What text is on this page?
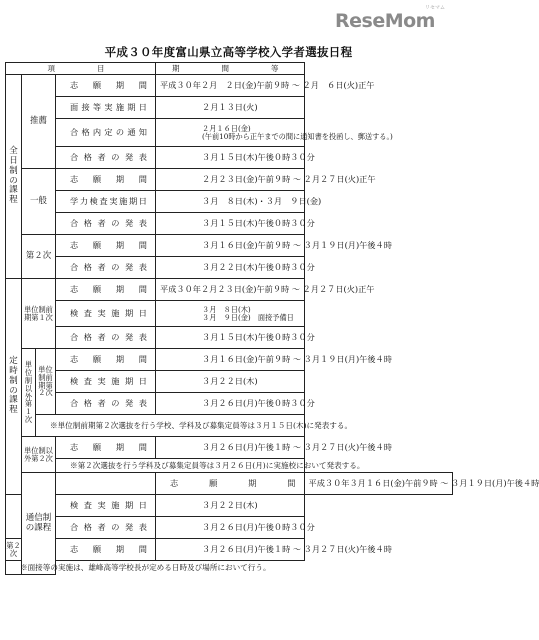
ReseMom
リセマム
平成３０年度富山県立高等学校入学者選抜日程
項　　目				期　　間　　等	

全日制の課程	推薦		志　願　期　間	平成３０年２月　２日(金)午前９時 ～ ２月　６日(火)正午	
			面接等実施期日	２月１３日(火)	
			合格内定の通知	２月１６日(金)
(午前10時から正午までの間に通知書を投函し、郵送する。)	

			合格者の発表	３月１５日(木)午後０時３０分	

	一般		志　願　期　間	２月２３日(金)午前９時 ～ ２月２７日(火)正午	
			学力検査実施期日	３月　８日(木)・３月　９日(金)	
			合格者の発表	３月１５日(木)午後０時３０分	

	第２次		志　願　期　間	３月１６日(金)午前９時 ～ ３月１９日(月)午後４時	
			合格者の発表	３月２２日(木)午後０時３０分	

定時制の課程	単位制前期第１次		志　願　期　間	平成３０年２月２３日(金)午前９時 ～ ２月２７日(火)正午	
			検査実施期日	３月　８日(木)
３月　９日(金)　面接予備日	

			合格者の発表	３月１５日(木)午後０時３０分	

	単位制以外第１次	単位制前期第２次	志　願　期　間	３月１６日(金)午前９時 ～ ３月１９日(月)午後４時	
			検査実施期日	３月２２日(木)	
			合格者の発表	３月２６日(月)午後０時３０分	
		※単位制前期第２次選抜を行う学校、学科及び募集定員等は３月１５日(木)に発表する。			

	単位制以外第２次		志　願　期　間	３月２６日(月)午後１時 ～ ３月２７日(火)午後４時	
			※第２次選抜を行う学科及び募集定員等は３月２６日(月)に実施校において発表する。		

	通信制の課程			志　願　期　間	平成３０年３月１６日(金)午前９時 ～ ３月１９日(月)午後４時
			検査実施期日	３月２２日(木)	
			合格者の発表	３月２６日(月)午後０時３０分	

第２次			志　願　期　間	３月２６日(月)午後１時 ～ ３月２７日(火)午後４時	
※面接等の実施は、雄峰高等学校長が定める日時及び場所において行う。					
